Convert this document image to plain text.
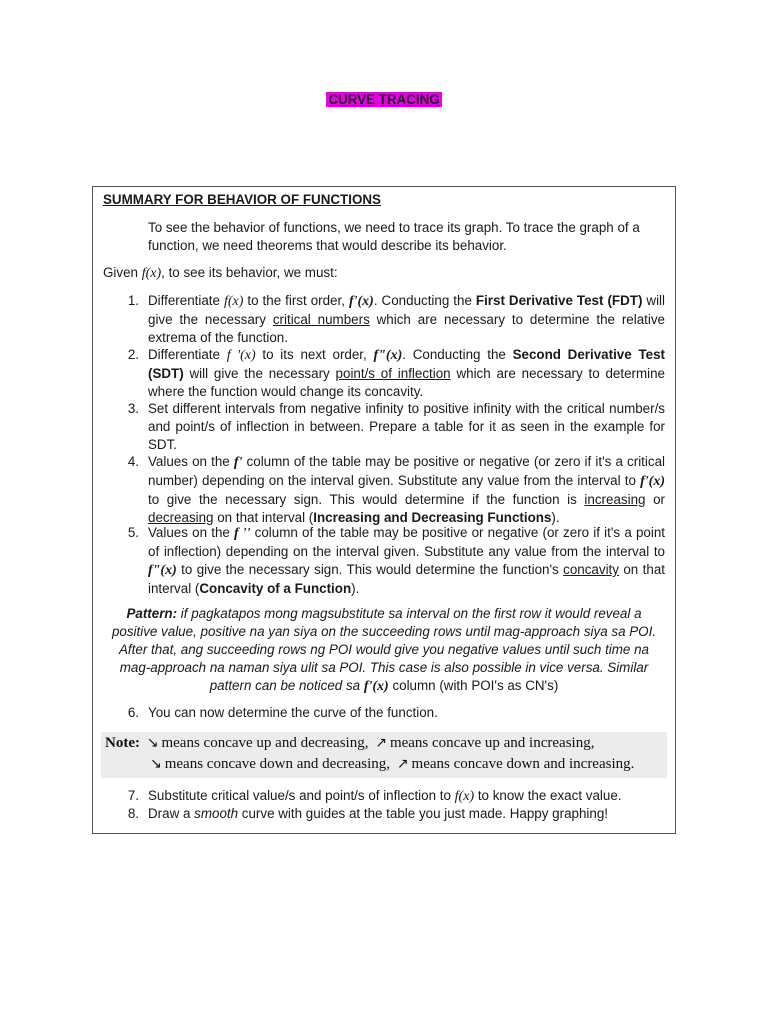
CURVE TRACING
SUMMARY FOR BEHAVIOR OF FUNCTIONS
To see the behavior of functions, we need to trace its graph. To trace the graph of a function, we need theorems that would describe its behavior.
Given f(x), to see its behavior, we must:
1. Differentiate f(x) to the first order, f'(x). Conducting the First Derivative Test (FDT) will give the necessary critical numbers which are necessary to determine the relative extrema of the function.
2. Differentiate f '(x) to its next order, f"(x). Conducting the Second Derivative Test (SDT) will give the necessary point/s of inflection which are necessary to determine where the function would change its concavity.
3. Set different intervals from negative infinity to positive infinity with the critical number/s and point/s of inflection in between. Prepare a table for it as seen in the example for SDT.
4. Values on the f' column of the table may be positive or negative (or zero if it's a critical number) depending on the interval given. Substitute any value from the interval to f'(x) to give the necessary sign. This would determine if the function is increasing or decreasing on that interval (Increasing and Decreasing Functions).
5. Values on the f '' column of the table may be positive or negative (or zero if it's a point of inflection) depending on the interval given. Substitute any value from the interval to f"(x) to give the necessary sign. This would determine the function's concavity on that interval (Concavity of a Function).
Pattern: if pagkatapos mong magsubstitute sa interval on the first row it would reveal a positive value, positive na yan siya on the succeeding rows until mag-approach siya sa POI. After that, ang succeeding rows ng POI would give you negative values until such time na mag-approach na naman siya ulit sa POI. This case is also possible in vice versa. Similar pattern can be noticed sa f'(x) column (with POI's as CN's)
6. You can now determine the curve of the function.
Note: ↘ means concave up and decreasing, ↗ means concave up and increasing,
↘ means concave down and decreasing, ↗ means concave down and increasing.
7. Substitute critical value/s and point/s of inflection to f(x) to know the exact value.
8. Draw a smooth curve with guides at the table you just made. Happy graphing!
